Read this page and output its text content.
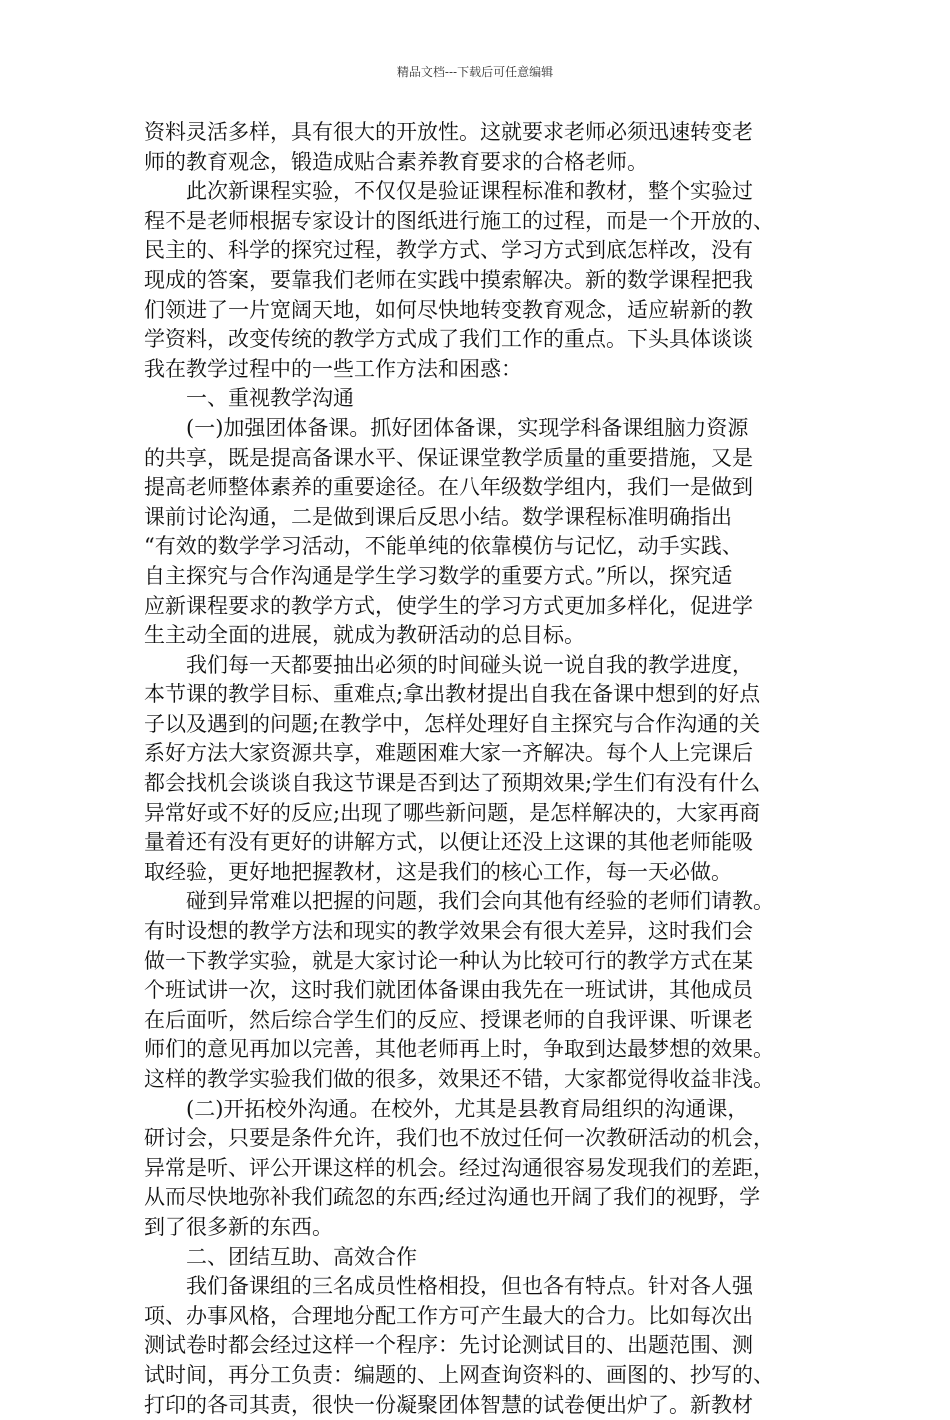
精品文档---下载后可任意编辑
资料灵活多样，具有很大的开放性。这就要求老师必须迅速转变老
师的教育观念，锻造成贴合素养教育要求的合格老师。
此次新课程实验，不仅仅是验证课程标准和教材，整个实验过
程不是老师根据专家设计的图纸进行施工的过程，而是一个开放的、
民主的、科学的探究过程，教学方式、学习方式到底怎样改，没有
现成的答案，要靠我们老师在实践中摸索解决。新的数学课程把我
们领进了一片宽阔天地，如何尽快地转变教育观念，适应崭新的教
学资料，改变传统的教学方式成了我们工作的重点。下头具体谈谈
我在教学过程中的一些工作方法和困惑：
一、重视教学沟通
(一)加强团体备课。抓好团体备课，实现学科备课组脑力资源
的共享，既是提高备课水平、保证课堂教学质量的重要措施，又是
提高老师整体素养的重要途径。在八年级数学组内，我们一是做到
课前讨论沟通，二是做到课后反思小结。数学课程标准明确指出
“有效的数学学习活动，不能单纯的依靠模仿与记忆，动手实践、
自主探究与合作沟通是学生学习数学的重要方式。”所以，探究适
应新课程要求的教学方式，使学生的学习方式更加多样化，促进学
生主动全面的进展，就成为教研活动的总目标。
我们每一天都要抽出必须的时间碰头说一说自我的教学进度，
本节课的教学目标、重难点;拿出教材提出自我在备课中想到的好点
子以及遇到的问题;在教学中，怎样处理好自主探究与合作沟通的关
系好方法大家资源共享，难题困难大家一齐解决。每个人上完课后
都会找机会谈谈自我这节课是否到达了预期效果;学生们有没有什么
异常好或不好的反应;出现了哪些新问题，是怎样解决的，大家再商
量着还有没有更好的讲解方式，以便让还没上这课的其他老师能吸
取经验，更好地把握教材，这是我们的核心工作，每一天必做。
碰到异常难以把握的问题，我们会向其他有经验的老师们请教。
有时设想的教学方法和现实的教学效果会有很大差异，这时我们会
做一下教学实验，就是大家讨论一种认为比较可行的教学方式在某
个班试讲一次，这时我们就团体备课由我先在一班试讲，其他成员
在后面听，然后综合学生们的反应、授课老师的自我评课、听课老
师们的意见再加以完善，其他老师再上时，争取到达最梦想的效果。
这样的教学实验我们做的很多，效果还不错，大家都觉得收益非浅。
(二)开拓校外沟通。在校外，尤其是县教育局组织的沟通课，
研讨会，只要是条件允许，我们也不放过任何一次教研活动的机会，
异常是听、评公开课这样的机会。经过沟通很容易发现我们的差距，
从而尽快地弥补我们疏忽的东西;经过沟通也开阔了我们的视野，学
到了很多新的东西。
二、团结互助、高效合作
我们备课组的三名成员性格相投，但也各有特点。针对各人强
项、办事风格，合理地分配工作方可产生最大的合力。比如每次出
测试卷时都会经过这样一个程序：先讨论测试目的、出题范围、测
试时间，再分工负责：编题的、上网查询资料的、画图的、抄写的、
打印的各司其责，很快一份凝聚团体智慧的试卷便出炉了。新教材
